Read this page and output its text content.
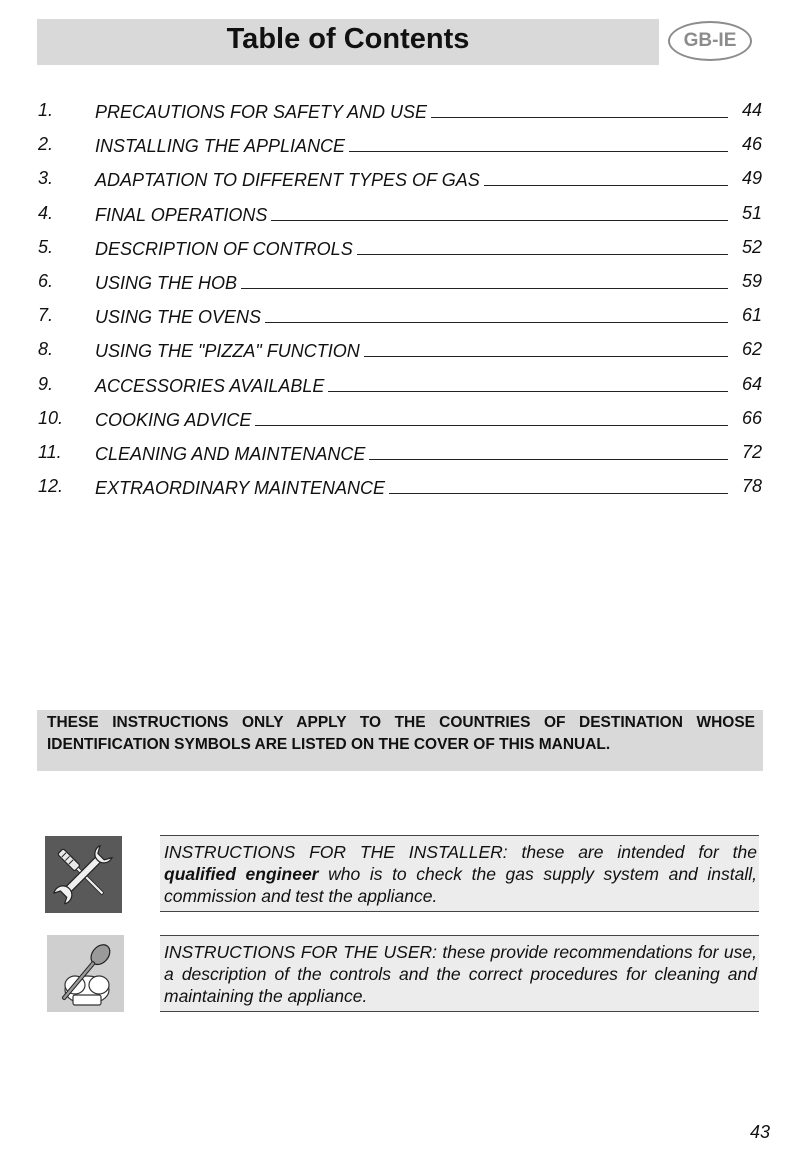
Table of Contents	GB-IE
1. PRECAUTIONS FOR SAFETY AND USE	44
2. INSTALLING THE APPLIANCE	46
3. ADAPTATION TO DIFFERENT TYPES OF GAS	49
4. FINAL OPERATIONS	51
5. DESCRIPTION OF CONTROLS	52
6. USING THE HOB	59
7. USING THE OVENS	61
8. USING THE "PIZZA" FUNCTION	62
9. ACCESSORIES AVAILABLE	64
10. COOKING ADVICE	66
11. CLEANING AND MAINTENANCE	72
12. EXTRAORDINARY MAINTENANCE	78
THESE INSTRUCTIONS ONLY APPLY TO THE COUNTRIES OF DESTINATION WHOSE IDENTIFICATION SYMBOLS ARE LISTED ON THE COVER OF THIS MANUAL.
INSTRUCTIONS FOR THE INSTALLER: these are intended for the qualified engineer who is to check the gas supply system and install, commission and test the appliance.
INSTRUCTIONS FOR THE USER: these provide recommendations for use, a description of the controls and the correct procedures for cleaning and maintaining the appliance.
43
